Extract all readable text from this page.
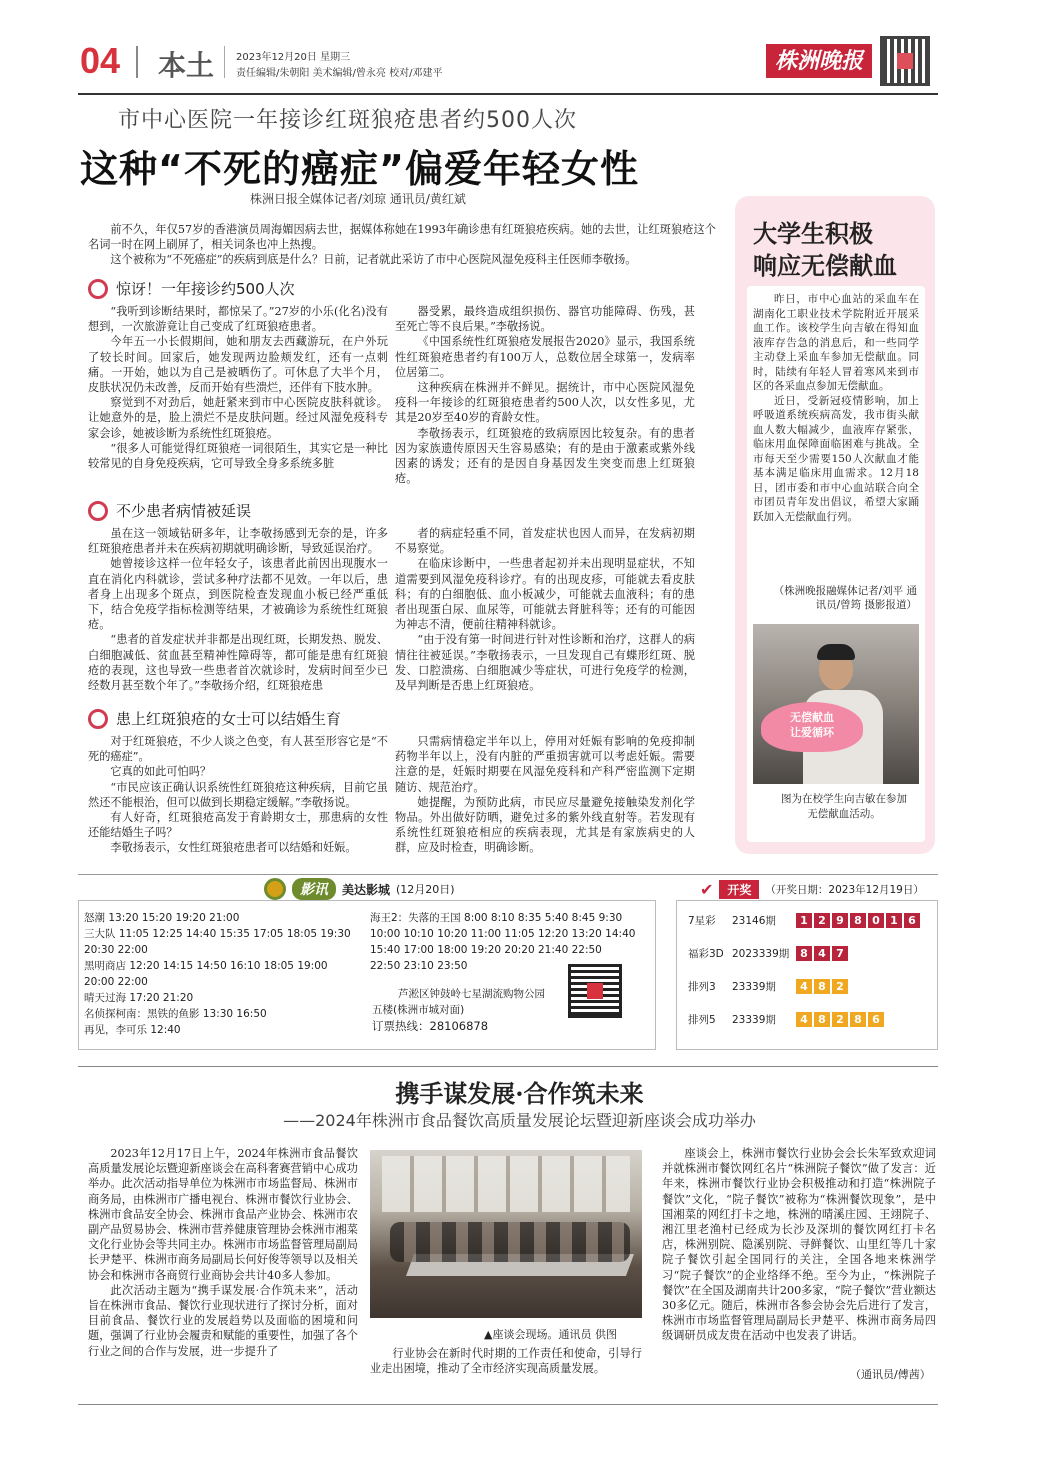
04 本土 2023年12月20日 星期三
责任编辑/朱朝阳 美术编辑/曾永亮 校对/邓建平	株洲晚报
市中心医院一年接诊红斑狼疮患者约500人次
这种“不死的癌症”偏爱年轻女性
株洲日报全媒体记者/刘琼 通讯员/黄红斌

前不久，年仅57岁的香港演员周海媚因病去世，据媒体称她在1993年确诊患有红斑狼疮疾病。她的去世，让红斑狼疮这个名词一时在网上刷屏了，相关词条也冲上热搜。

这个被称为“不死癌症”的疾病到底是什么？日前，记者就此采访了市中心医院风湿免疫科主任医师李敬扬。

惊讶！一年接诊约500人次

“我听到诊断结果时，都惊呆了。”27岁的小乐(化名)没有想到，一次旅游竟让自己变成了红斑狼疮患者。

今年五一小长假期间，她和朋友去西藏游玩，在户外玩了较长时间。回家后，她发现两边脸颊发红，还有一点刺痛。一开始，她以为自己是被晒伤了。可休息了大半个月，皮肤状况仍未改善，反而开始有些溃烂，还伴有下肢水肿。

察觉到不对劲后，她赶紧来到市中心医院皮肤科就诊。让她意外的是，脸上溃烂不是皮肤问题。经过风湿免疫科专家会诊，她被诊断为系统性红斑狼疮。

“很多人可能觉得红斑狼疮一词很陌生，其实它是一种比较常见的自身免疫疾病，它可导致全身多系统多脏

器受累，最终造成组织损伤、器官功能障碍、伤残，甚至死亡等不良后果。”李敬扬说。

《中国系统性红斑狼疮发展报告2020》显示，我国系统性红斑狼疮患者约有100万人，总数位居全球第一，发病率位居第二。

这种疾病在株洲并不鲜见。据统计，市中心医院风湿免疫科一年接诊的红斑狼疮患者约500人次，以女性多见，尤其是20岁至40岁的育龄女性。

李敬扬表示，红斑狼疮的致病原因比较复杂。有的患者因为家族遗传原因天生容易感染；有的是由于激素或紫外线因素的诱发；还有的是因自身基因发生突变而患上红斑狼疮。

不少患者病情被延误

虽在这一领域钻研多年，让李敬扬感到无奈的是，许多红斑狼疮患者并未在疾病初期就明确诊断，导致延误治疗。

她曾接诊这样一位年轻女子，该患者此前因出现腹水一直在消化内科就诊，尝试多种疗法都不见效。一年以后，患者身上出现多个斑点，到医院检查发现血小板已经严重低下，结合免疫学指标检测等结果，才被确诊为系统性红斑狼疮。

“患者的首发症状并非都是出现红斑，长期发热、脱发、白细胞减低、贫血甚至精神性障碍等，都可能是患有红斑狼疮的表现，这也导致一些患者首次就诊时，发病时间至少已经数月甚至数个年了。”李敬扬介绍，红斑狼疮患

者的病症轻重不同，首发症状也因人而异，在发病初期不易察觉。

在临床诊断中，一些患者起初并未出现明显症状，不知道需要到风湿免疫科诊疗。有的出现皮疹，可能就去看皮肤科；有的白细胞低、血小板减少，可能就去血液科；有的患者出现蛋白尿、血尿等，可能就去肾脏科等；还有的可能因为神志不清，便前往精神科就诊。

“由于没有第一时间进行针对性诊断和治疗，这群人的病情往往被延误。”李敬扬表示，一旦发现自己有蝶形红斑、脱发、口腔溃疡、白细胞减少等症状，可进行免疫学的检测，及早判断是否患上红斑狼疮。

患上红斑狼疮的女士可以结婚生育

对于红斑狼疮，不少人谈之色变，有人甚至形容它是“不死的癌症”。

它真的如此可怕吗？

“市民应该正确认识系统性红斑狼疮这种疾病，目前它虽然还不能根治，但可以做到长期稳定缓解。”李敬扬说。

有人好奇，红斑狼疮高发于育龄期女士，那患病的女性还能结婚生子吗？

李敬扬表示，女性红斑狼疮患者可以结婚和妊娠。

只需病情稳定半年以上，停用对妊娠有影响的免疫抑制药物半年以上，没有内脏的严重损害就可以考虑妊娠。需要注意的是，妊娠时期要在风湿免疫科和产科严密监测下定期随访、规范治疗。

她提醒，为预防此病，市民应尽量避免接触染发剂化学物品。外出做好防晒，避免过多的紫外线直射等。若发现有系统性红斑狼疮相应的疾病表现，尤其是有家族病史的人群，应及时检查，明确诊断。

大学生积极
响应无偿献血

昨日，市中心血站的采血车在湖南化工职业技术学院附近开展采血工作。该校学生向吉敏在得知血液库存告急的消息后，和一些同学主动登上采血车参加无偿献血。同时，陆续有年轻人冒着寒风来到市区的各采血点参加无偿献血。

近日，受新冠疫情影响，加上呼吸道系统疾病高发，我市街头献血人数大幅减少，血液库存紧张，临床用血保障面临困难与挑战。全市每天至少需要150人次献血才能基本满足临床用血需求。12月18日，团市委和市中心血站联合向全市团员青年发出倡议，希望大家踊跃加入无偿献血行列。

（株洲晚报融媒体记者/刘平 通讯员/曾筠 摄影报道）
无偿献血
让爱循环
图为在校学生向吉敏在参加无偿献血活动。
影讯	美达影城 (12月20日)
怒潮 13:20 15:20 19:20 21:00
三大队 11:05 12:25 14:40 15:35 17:05 18:05 19:30
20:30 22:00
黑明商店 12:20 14:15 14:50 16:10 18:05 19:00
20:00 22:00
晴天过海 17:20 21:20
名侦探柯南：黑铁的鱼影 13:30 16:50
再见，李可乐 12:40
海王2：失落的王国 8:00 8:10 8:35 5:40 8:45 9:30
10:00 10:10 10:20 11:00 11:05 12:20 13:20 14:40
15:40 17:00 18:00 19:20 20:20 21:40 22:50
22:50 23:10 23:50
芦淞区钟鼓岭七星湖流购物公园
五楼(株洲市城对面)
订票热线：28106878
✔	开奖	（开奖日期：2023年12月19日）
7星彩	23146期	1 2 9 8 0 1 6
福彩3D 2023339期 8 4 7
排列3	23339期	4 8 2
排列5	23339期	4 8 2 8 6
携手谋发展·合作筑未来
——2024年株洲市食品餐饮高质量发展论坛暨迎新座谈会成功举办

2023年12月17日上午，2024年株洲市食品餐饮高质量发展论坛暨迎新座谈会在高科奢赛营销中心成功举办。此次活动指导单位为株洲市市场监督局、株洲市商务局，由株洲市广播电视台、株洲市餐饮行业协会、株洲市食品安全协会、株洲市食品产业协会、株洲市农副产品贸易协会、株洲市营养健康管理协会株洲市湘菜文化行业协会等共同主办。株洲市市场监督管理局副局长尹楚平、株洲市商务局副局长何好俊等领导以及相关协会和株洲市各商贸行业商协会共计40多人参加。

此次活动主题为“携手谋发展·合作筑未来”，活动旨在株洲市食品、餐饮行业现状进行了探讨分析，面对目前食品、餐饮行业的发展趋势以及面临的困境和问题，强调了行业协会履责和赋能的重要性，加强了各个行业之间的合作与发展，进一步提升了

▲座谈会现场。通讯员 供图

行业协会在新时代时期的工作责任和使命，引导行业走出困境，推动了全市经济实现高质量发展。

座谈会上，株洲市餐饮行业协会会长朱军致欢迎词并就株洲市餐饮网红名片“株洲院子餐饮”做了发言：近年来，株洲市餐饮行业协会积极推动和打造“株洲院子餐饮”文化，“院子餐饮”被称为“株洲餐饮现象”，是中国湘菜的网红打卡之地，株洲的晴溪庄园、王翊院子、湘江里老渔村已经成为长沙及深圳的餐饮网红打卡名店，株洲别院、隐溪别院、寻鲜餐饮、山里红等几十家院子餐饮引起全国同行的关注，全国各地来株洲学习“院子餐饮”的企业络绎不绝。至今为止，“株洲院子餐饮”在全国及湖南共计200多家，“院子餐饮”营业额达30多亿元。随后，株洲市各参会协会先后进行了发言，株洲市市场监督管理局副局长尹楚平、株洲市商务局四级调研员成友贵在活动中也发表了讲话。

（通讯员/傅茜）
